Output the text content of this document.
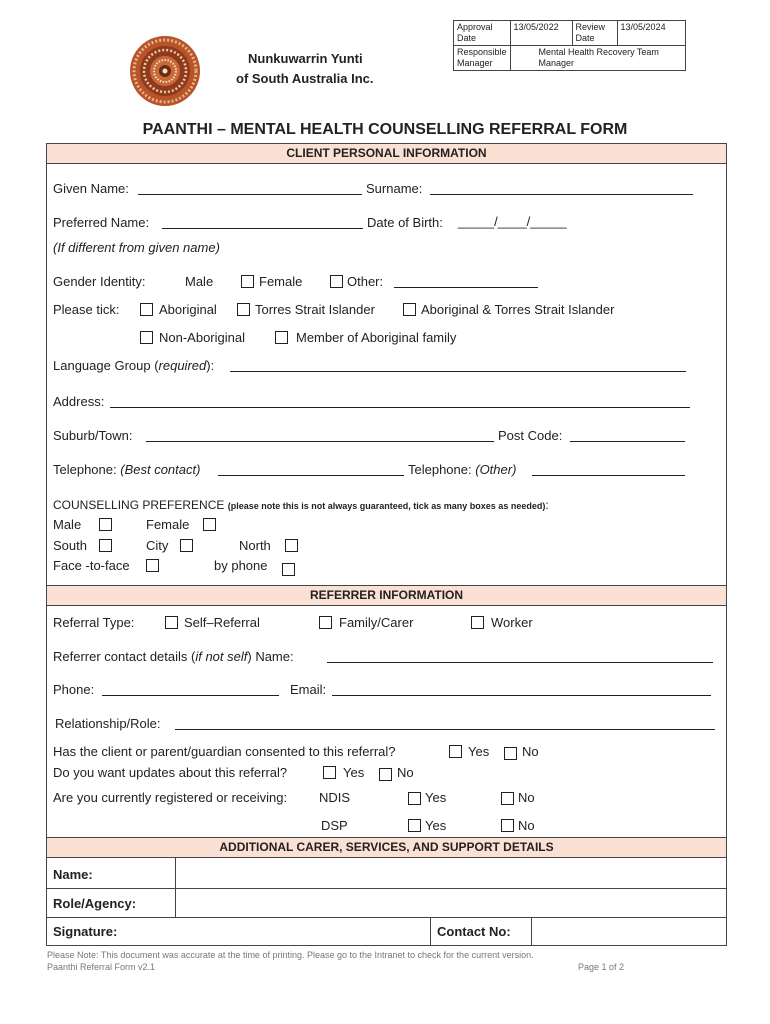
Nunkuwarrin Yunti
of South Australia Inc.
Approval Date	13/05/2022	Review Date	13/05/2024
Responsible Manager	Mental Health Recovery Team Manager		
PAANTHI – MENTAL HEALTH COUNSELLING REFERRAL FORM
CLIENT PERSONAL INFORMATION
Given Name:	Surname:
Preferred Name:	Date of Birth: _____/____/_____
(If different from given name)
Gender Identity:	Male	Female	Other:
Please tick:	Aboriginal	Torres Strait Islander	Aboriginal & Torres Strait Islander
Non-Aboriginal	Member of Aboriginal family
Language Group (required):
Address:
Suburb/Town:	Post Code:
Telephone: (Best contact)	Telephone: (Other)
COUNSELLING PREFERENCE (please note this is not always guaranteed, tick as many boxes as needed):
Male	Female
South	City	North
Face -to-face	by phone
REFERRER INFORMATION
Referral Type:	Self–Referral	Family/Carer	Worker
Referrer contact details (if not self) Name:
Phone:	Email:
Relationship/Role:
Has the client or parent/guardian consented to this referral?	Yes	No
Do you want updates about this referral?	Yes	No
Are you currently registered or receiving: NDIS	Yes	No
DSP	Yes	No
ADDITIONAL CARER, SERVICES, AND SUPPORT DETAILS
Name:
Role/Agency:
Signature:	Contact No:
Please Note: This document was accurate at the time of printing. Please go to the Intranet to check for the current version.
Paanthi Referral Form v2.1	Page 1 of 2
